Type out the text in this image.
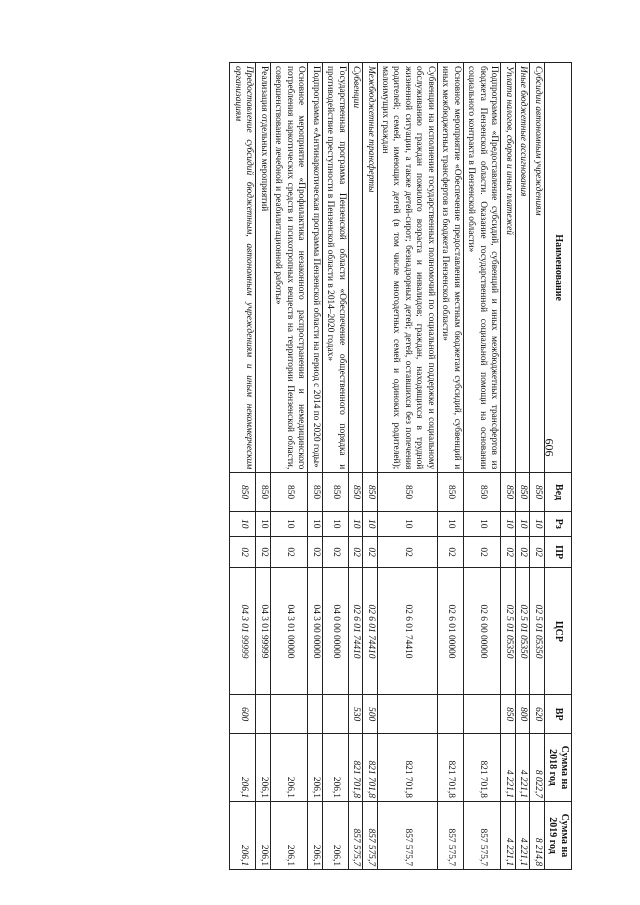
606
Наименование	Вед	Рз	ПР	ЦСР	ВР	Сумма на 2018 год	Сумма на 2019 год
Субсидии автономным учреждениям	850	10	02	02 5 01 05350	620	8 022,7	8 214,8
Иные бюджетные ассигнования	850	10	02	02 5 01 05350	800	4 221,1	4 221,1
Уплата налогов, сборов и иных платежей	850	10	02	02 5 01 05350	850	4 221,1	4 221,1
Подпрограмма «Предоставление субсидий, субвенций и иных межбюджетных трансфертов из бюджета Пензенской области. Оказание государственной социальной помощи на основании социального контракта в Пензенской области»	850	10	02	02 6 00 00000		821 701,8	857 575,7
Основное мероприятие «Обеспечение предоставления местным бюджетам субсидий, субвенций и иных межбюджетных трансфертов из бюджета Пензенской области»	850	10	02	02 6 01 00000		821 701,8	857 575,7
Субвенции на исполнение государственных полномочий по социальной поддержке и социальному обслуживанию граждан пожилого возраста и инвалидов; граждан, находящихся в трудной жизненной ситуации, а также детей-сирот; безнадзорных детей; детей, оставшихся без попечения родителей; семей, имеющих детей (в том числе многодетных семей и одиноких родителей); малоимущих граждан	850	10	02	02 6 01 74410		821 701,8	857 575,7
Межбюджетные трансферты	850	10	02	02 6 01 74410	500	821 701,8	857 575,7
Субвенции	850	10	02	02 6 01 74410	530	821 701,8	857 575,7
Государственная программа Пензенской области «Обеспечение общественного порядка и противодействие преступности в Пензенской области в 2014–2020 годах»	850	10	02	04 0 00 00000		206,1	206,1
Подпрограмма «Антинаркотическая программа Пензенской области на период с 2014 по 2020 годы»	850	10	02	04 3 00 00000		206,1	206,1
Основное мероприятие «Профилактика незаконного распространения и немедицинского потребления наркотических средств и психотропных веществ на территории Пензенской области, совершенствование лечебной и реабилитационной работы»	850	10	02	04 3 01 00000		206,1	206,1
Реализация отдельных мероприятий	850	10	02	04 3 01 99999		206,1	206,1
Предоставление субсидий бюджетным, автономным учреждениям и иным некоммерческим организациям	850	10	02	04 3 01 99999	600	206,1	206,1
